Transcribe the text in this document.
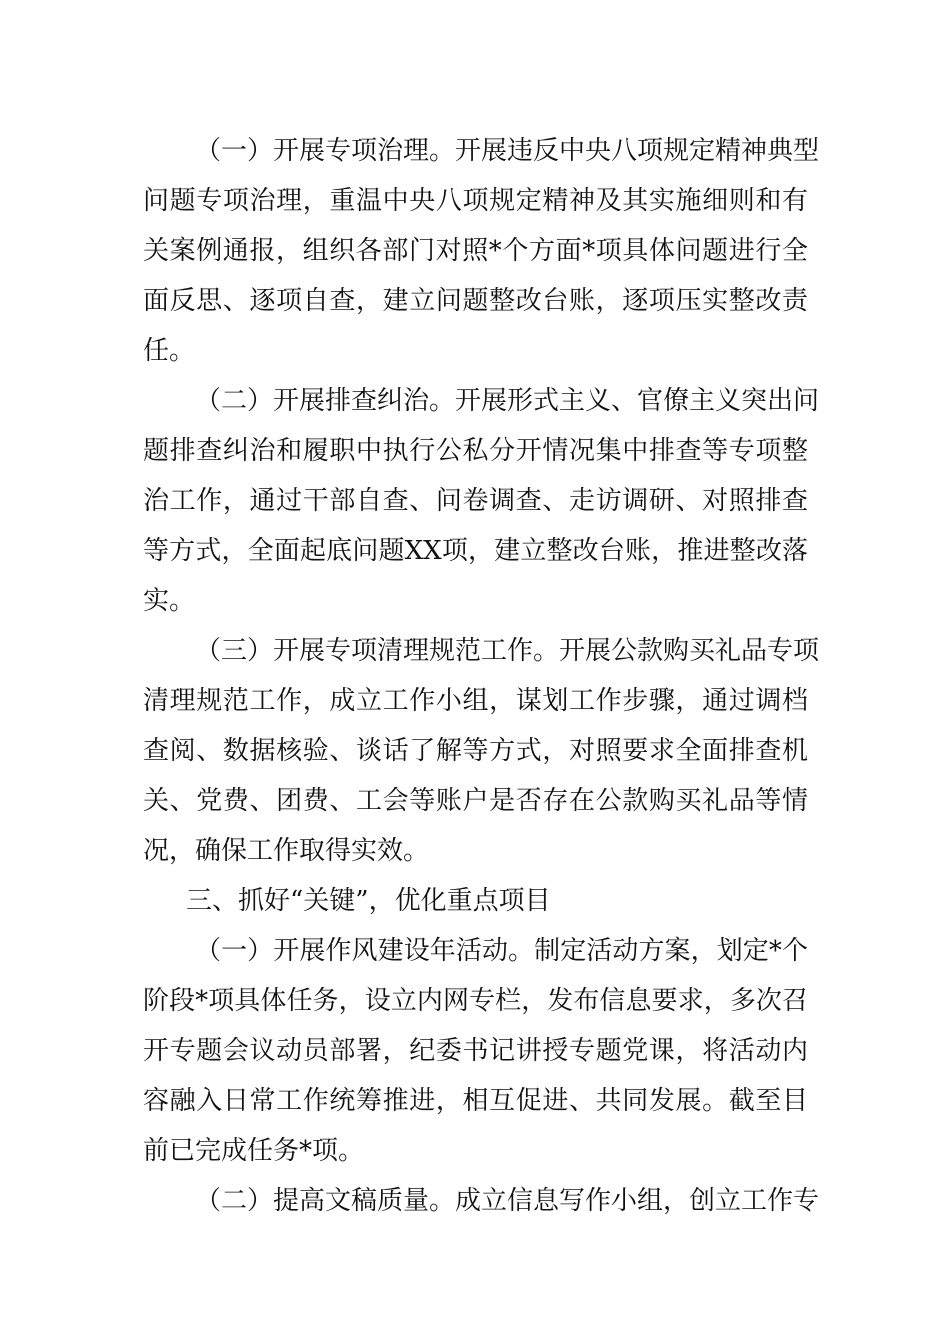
（一）开展专项治理。开展违反中央八项规定精神典型
问题专项治理，重温中央八项规定精神及其实施细则和有
关案例通报，组织各部门对照*个方面*项具体问题进行全
面反思、逐项自查，建立问题整改台账，逐项压实整改责
任。
（二）开展排查纠治。开展形式主义、官僚主义突出问
题排查纠治和履职中执行公私分开情况集中排查等专项整
治工作，通过干部自查、问卷调查、走访调研、对照排查
等方式，全面起底问题XX项，建立整改台账，推进整改落
实。
（三）开展专项清理规范工作。开展公款购买礼品专项
清理规范工作，成立工作小组，谋划工作步骤，通过调档
查阅、数据核验、谈话了解等方式，对照要求全面排查机
关、党费、团费、工会等账户是否存在公款购买礼品等情
况，确保工作取得实效。
三、抓好“关键”，优化重点项目
（一）开展作风建设年活动。制定活动方案，划定*个
阶段*项具体任务，设立内网专栏，发布信息要求，多次召
开专题会议动员部署，纪委书记讲授专题党课，将活动内
容融入日常工作统筹推进，相互促进、共同发展。截至目
前已完成任务*项。
（二）提高文稿质量。成立信息写作小组，创立工作专
